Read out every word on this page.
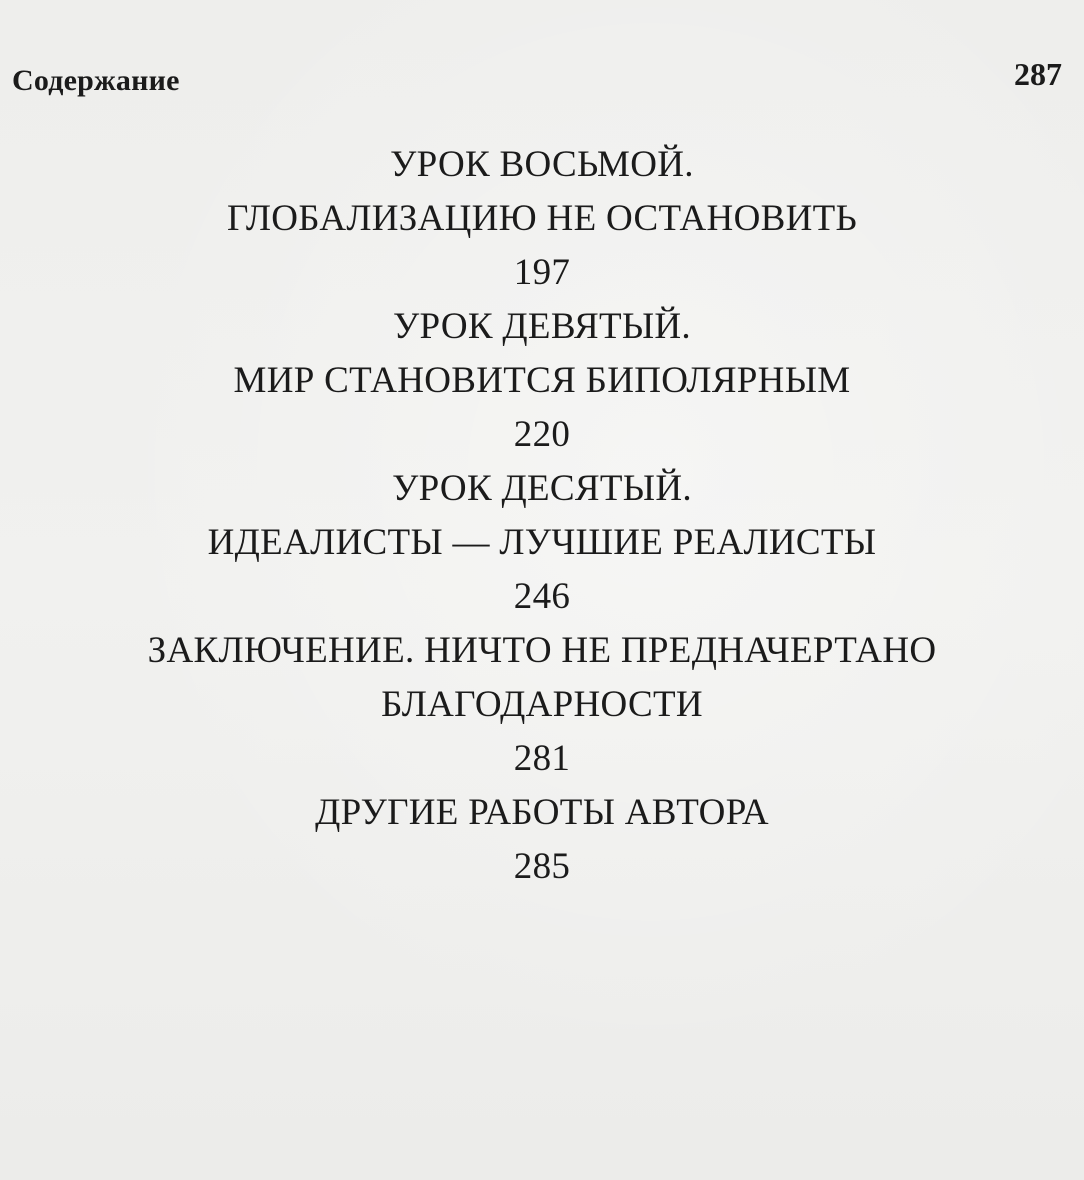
Содержание	287
УРОК ВОСЬМОЙ.
ГЛОБАЛИЗАЦИЮ НЕ ОСТАНОВИТЬ
197
УРОК ДЕВЯТЫЙ.
МИР СТАНОВИТСЯ БИПОЛЯРНЫМ
220
УРОК ДЕСЯТЫЙ.
ИДЕАЛИСТЫ — ЛУЧШИЕ РЕАЛИСТЫ
246
ЗАКЛЮЧЕНИЕ. НИЧТО НЕ ПРЕДНАЧЕРТАНО
БЛАГОДАРНОСТИ
281
ДРУГИЕ РАБОТЫ АВТОРА
285
